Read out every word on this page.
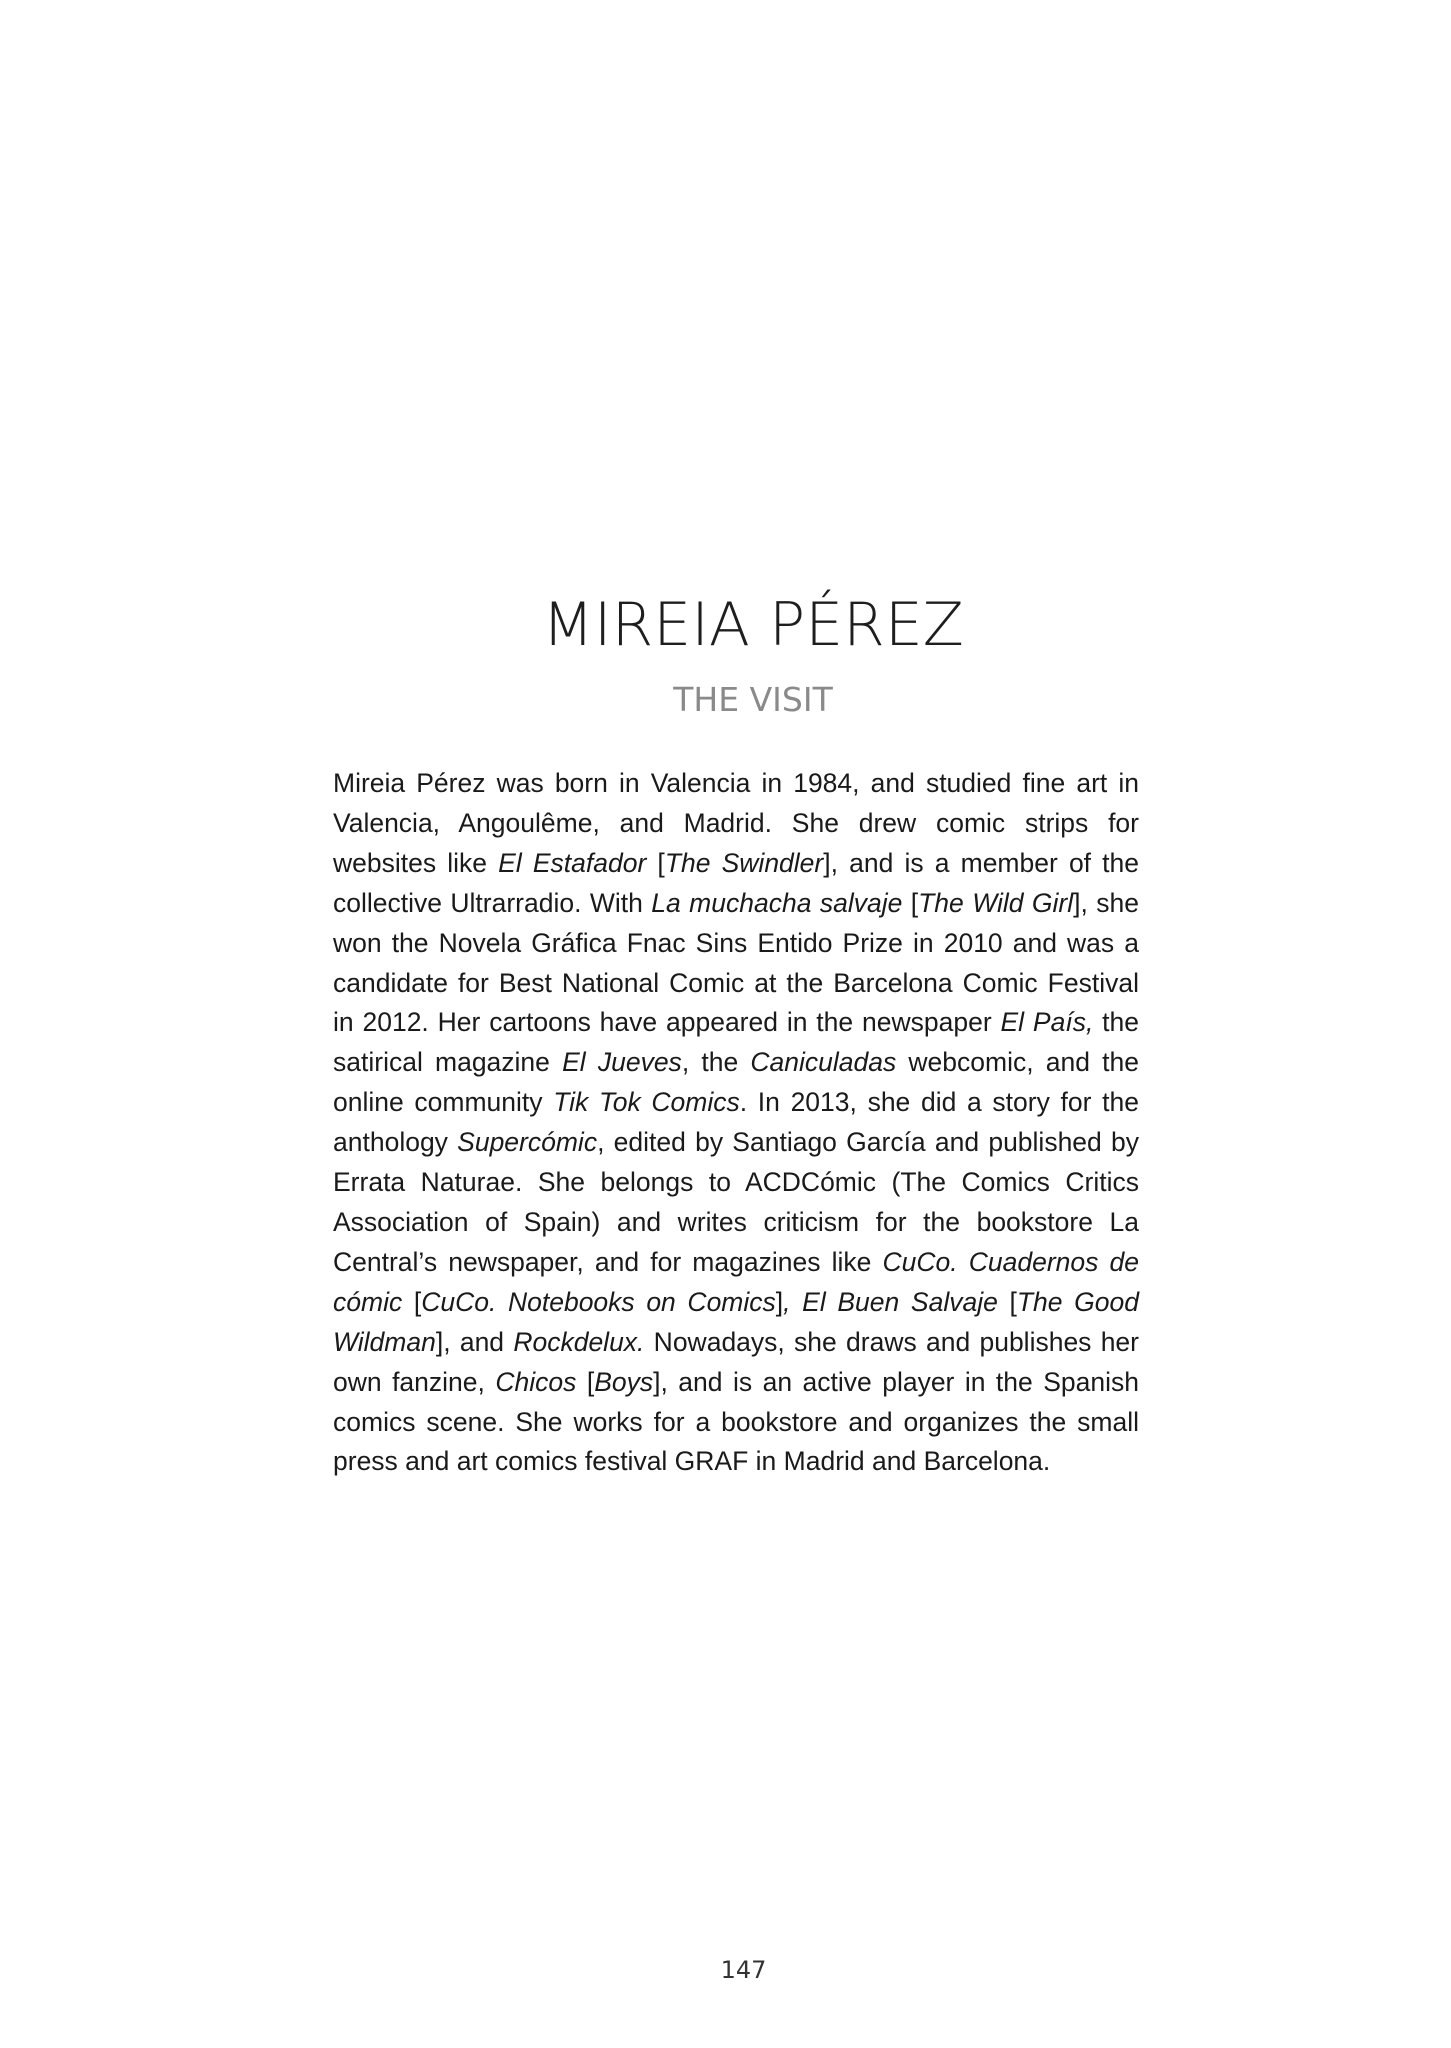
MIREIA PÉREZ
THE VISIT
Mireia Pérez was born in Valencia in 1984, and studied fine art in Valencia, Angoulême, and Madrid. She drew comic strips for websites like El Estafador [The Swindler], and is a member of the collective Ultrarradio. With La muchacha salvaje [The Wild Girl], she won the Novela Gráfica Fnac Sins Entido Prize in 2010 and was a candidate for Best National Comic at the Barcelona Comic Festival in 2012. Her cartoons have appeared in the newspaper El País, the satirical magazine El Jueves, the Caniculadas webcomic, and the online community Tik Tok Comics. In 2013, she did a story for the anthology Supercómic, edited by Santiago García and published by Errata Naturae. She belongs to ACDCómic (The Comics Critics Association of Spain) and writes criticism for the bookstore La Central’s newspaper, and for magazines like CuCo. Cuadernos de cómic [CuCo. Notebooks on Comics], El Buen Salvaje [The Good Wildman], and Rockdelux. Nowadays, she draws and publishes her own fanzine, Chicos [Boys], and is an active player in the Spanish comics scene. She works for a bookstore and organizes the small press and art comics festival GRAF in Madrid and Barcelona.
147
